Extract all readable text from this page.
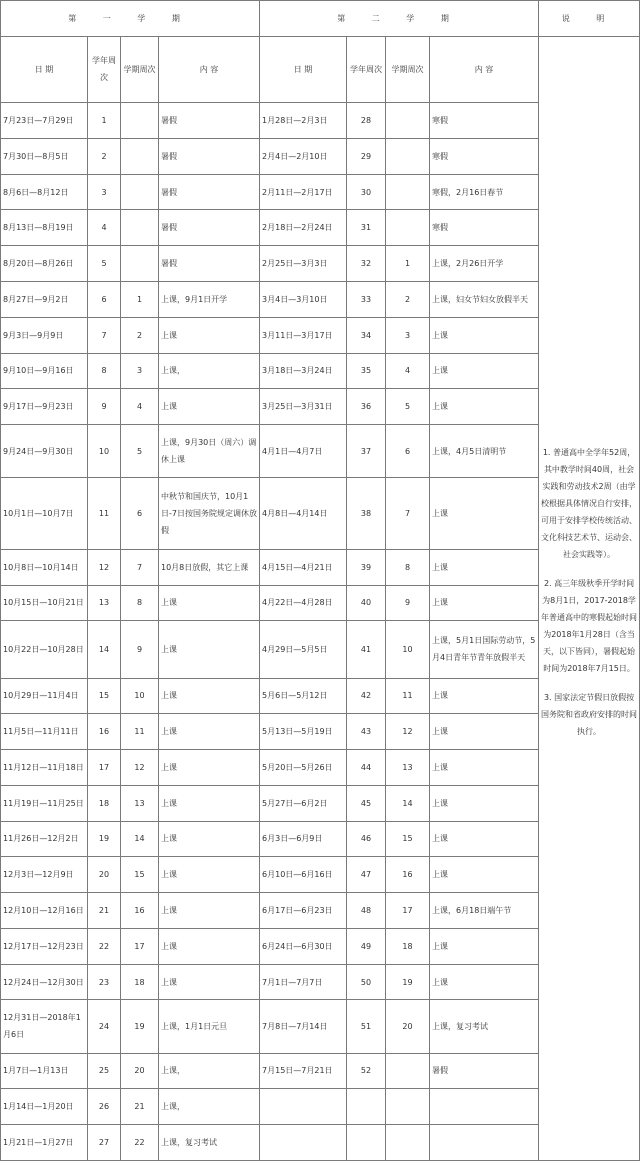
第 一 学 期				第 二 学 期				说 明
日 期	学年周次	学期周次	内 容	日 期	学年周次	学期周次	内 容	1. 普通高中全学年52周，其中教学时间40周，社会实践和劳动技术2周（由学校根据具体情况自行安排，可用于安排学校传统活动、文化科技艺术节、运动会、社会实践等）。

2. 高三年级秋季开学时间为8月1日，2017-2018学年普通高中的寒假起始时间为2018年1月28日（含当天，以下皆同），暑假起始时间为2018年7月15日。

3. 国家法定节假日放假按国务院和省政府安排的时间执行。

7月23日—7月29日	1		暑假	1月28日—2月3日	28		寒假	
7月30日—8月5日	2		暑假	2月4日—2月10日	29		寒假	
8月6日—8月12日	3		暑假	2月11日—2月17日	30		寒假，2月16日春节	
8月13日—8月19日	4		暑假	2月18日—2月24日	31		寒假	
8月20日—8月26日	5		暑假	2月25日—3月3日	32	1	上课，2月26日开学	
8月27日—9月2日	6	1	上课，9月1日开学	3月4日—3月10日	33	2	上课，妇女节妇女放假半天	
9月3日—9月9日	7	2	上课	3月11日—3月17日	34	3	上课	
9月10日—9月16日	8	3	上课，	3月18日—3月24日	35	4	上课	
9月17日—9月23日	9	4	上课	3月25日—3月31日	36	5	上课	
9月24日—9月30日	10	5	上课，9月30日（周六）调休上课	4月1日—4月7日	37	6	上课，4月5日清明节	
10月1日—10月7日	11	6	中秋节和国庆节，10月1日-7日按国务院规定调休放假	4月8日—4月14日	38	7	上课	
10月8日—10月14日	12	7	10月8日放假，其它上课	4月15日—4月21日	39	8	上课	
10月15日—10月21日	13	8	上课	4月22日—4月28日	40	9	上课	
10月22日—10月28日	14	9	上课	4月29日—5月5日	41	10	上课，5月1日国际劳动节，5月4日青年节青年放假半天	
10月29日—11月4日	15	10	上课	5月6日—5月12日	42	11	上课	
11月5日—11月11日	16	11	上课	5月13日—5月19日	43	12	上课	
11月12日—11月18日	17	12	上课	5月20日—5月26日	44	13	上课	
11月19日—11月25日	18	13	上课	5月27日—6月2日	45	14	上课	
11月26日—12月2日	19	14	上课	6月3日—6月9日	46	15	上课	
12月3日—12月9日	20	15	上课	6月10日—6月16日	47	16	上课	
12月10日—12月16日	21	16	上课	6月17日—6月23日	48	17	上课，6月18日端午节	
12月17日—12月23日	22	17	上课	6月24日—6月30日	49	18	上课	
12月24日—12月30日	23	18	上课	7月1日—7月7日	50	19	上课	
12月31日—2018年1月6日	24	19	上课，1月1日元旦	7月8日—7月14日	51	20	上课，复习考试	
1月7日—1月13日	25	20	上课，	7月15日—7月21日	52		暑假	
1月14日—1月20日	26	21	上课，					
1月21日—1月27日	27	22	上课，复习考试					
